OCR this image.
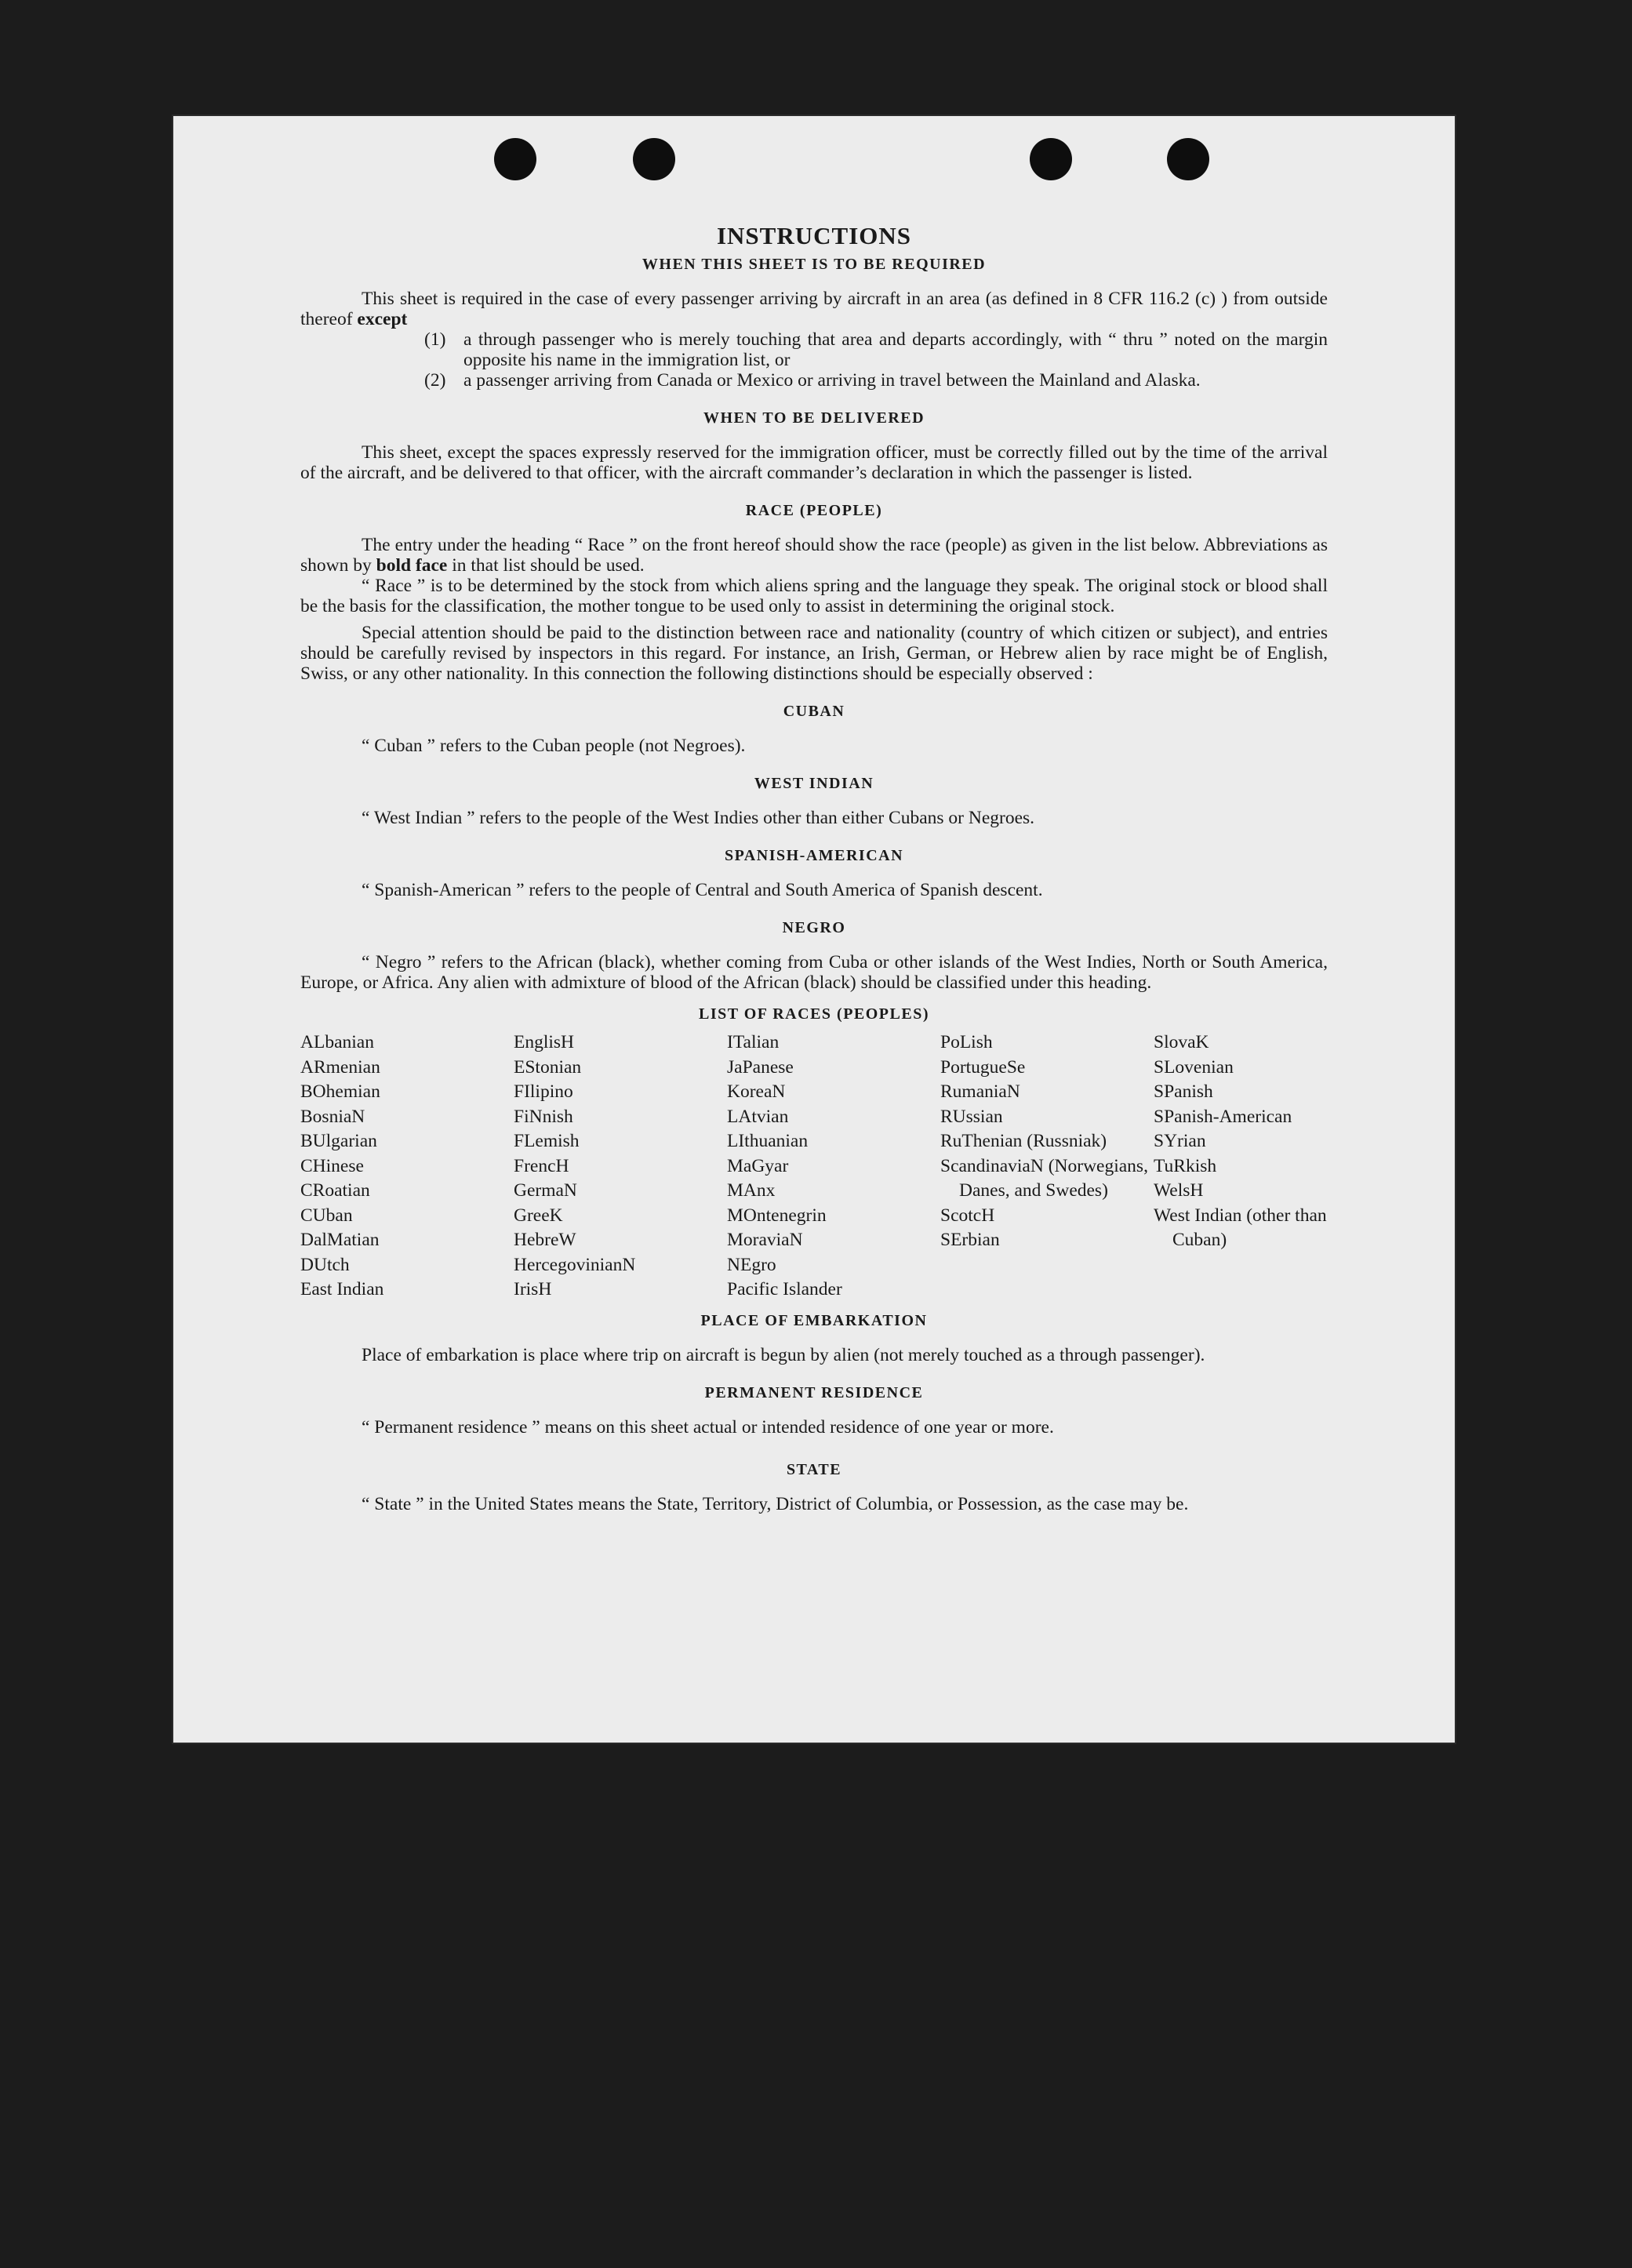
INSTRUCTIONS
WHEN THIS SHEET IS TO BE REQUIRED

This sheet is required in the case of every passenger arriving by aircraft in an area (as defined in 8 CFR 116.2 (c) ) from outside thereof except

(1) a through passenger who is merely touching that area and departs accordingly, with “ thru ” noted on the margin opposite his name in the immigration list, or
(2) a passenger arriving from Canada or Mexico or arriving in travel between the Mainland and Alaska.
WHEN TO BE DELIVERED

This sheet, except the spaces expressly reserved for the immigration officer, must be correctly filled out by the time of the arrival of the aircraft, and be delivered to that officer, with the aircraft commander’s declaration in which the passenger is listed.

RACE (PEOPLE)

The entry under the heading “ Race ” on the front hereof should show the race (people) as given in the list below. Abbreviations as shown by bold face in that list should be used.

“ Race ” is to be determined by the stock from which aliens spring and the language they speak. The original stock or blood shall be the basis for the classification, the mother tongue to be used only to assist in determining the original stock.

Special attention should be paid to the distinction between race and nationality (country of which citizen or subject), and entries should be carefully revised by inspectors in this regard. For instance, an Irish, German, or Hebrew alien by race might be of English, Swiss, or any other nationality. In this connection the following distinctions should be especially observed :

CUBAN

“ Cuban ” refers to the Cuban people (not Negroes).

WEST INDIAN

“ West Indian ” refers to the people of the West Indies other than either Cubans or Negroes.

SPANISH-AMERICAN

“ Spanish-American ” refers to the people of Central and South America of Spanish descent.

NEGRO

“ Negro ” refers to the African (black), whether coming from Cuba or other islands of the West Indies, North or South America, Europe, or Africa. Any alien with admixture of blood of the African (black) should be classified under this heading.

LIST OF RACES (PEOPLES)
ALbanian
ARmenian
BOhemian
BosniaN
BUlgarian
CHinese
CRoatian
CUban
DalMatian
DUtch
East Indian
EnglisH
EStonian
FIlipino
FiNnish
FLemish
FrencH
GermaN
GreeK
HebreW
HercegovinianN
IrisH
ITalian
JaPanese
KoreaN
LAtvian
LIthuanian
MaGyar
MAnx
MOntenegrin
MoraviaN
NEgro
Pacific Islander
PoLish
PortugueSe
RumaniaN
RUssian
RuThenian (Russniak)
ScandinaviaN (Norwegians, Danes, and Swedes)
ScotcH
SErbian
SlovaK
SLovenian
SPanish
SPanish-American
SYrian
TuRkish
WelsH
West Indian (other than Cuban)
PLACE OF EMBARKATION

Place of embarkation is place where trip on aircraft is begun by alien (not merely touched as a through passenger).

PERMANENT RESIDENCE

“ Permanent residence ” means on this sheet actual or intended residence of one year or more.

STATE

“ State ” in the United States means the State, Territory, District of Columbia, or Possession, as the case may be.
